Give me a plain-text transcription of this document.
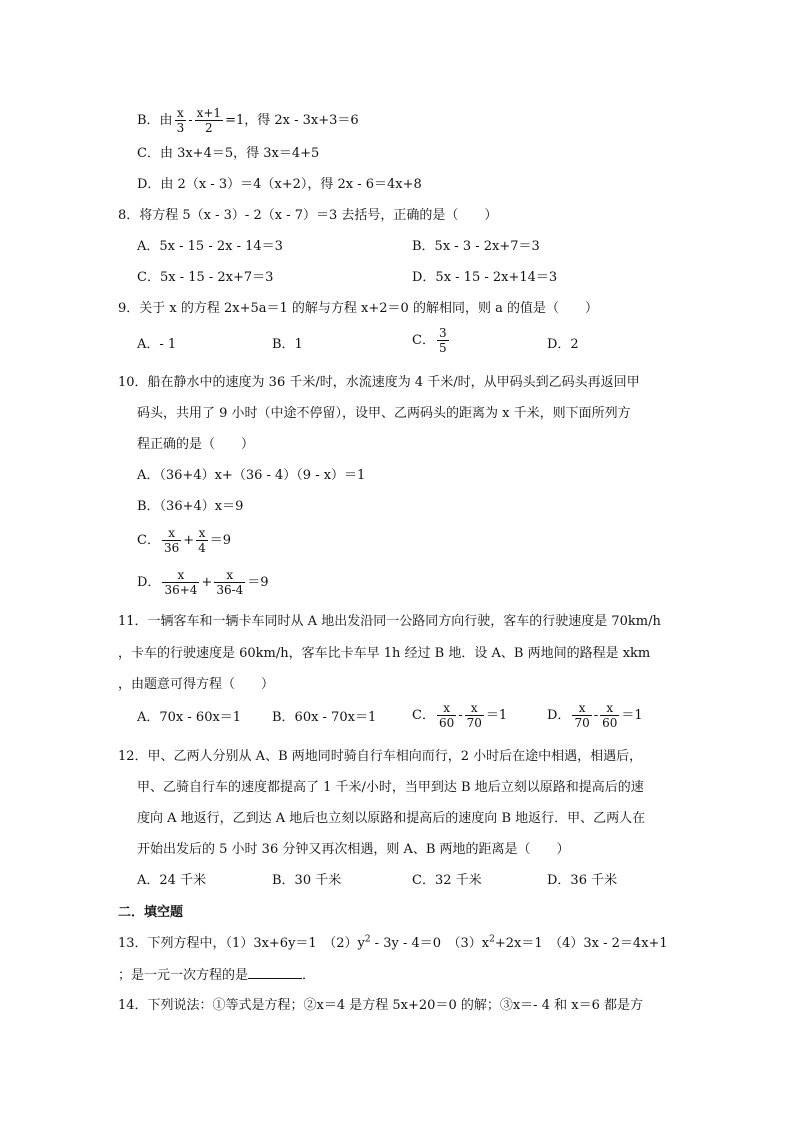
B．由 $\frac{x}{3} - \frac{x+1}{2} =1$，得 2x - 3x+3＝6
C．由 3x+4＝5，得 3x＝4+5
D．由 2（x - 3）＝4（x+2），得 2x - 6＝4x+8
8．将方程 5（x - 3）- 2（x - 7）＝3 去括号，正确的是（　　）
A．5x - 15 - 2x - 14＝3	B．5x - 3 - 2x+7＝3
C．5x - 15 - 2x+7＝3	D．5x - 15 - 2x+14＝3
9．关于 x 的方程 2x+5a＝1 的解与方程 x+2＝0 的解相同，则 a 的值是（　　）
A．- 1	B．1	C． $\frac{3}{5}$	D．2
10．船在静水中的速度为 36 千米/时，水流速度为 4 千米/时，从甲码头到乙码头再返回甲
码头，共用了 9 小时（中途不停留），设甲、乙两码头的距离为 x 千米，则下面所列方
程正确的是（　　）
A．（36+4）x+（36 - 4）（9 - x）＝1
B．（36+4）x＝9
C． $\frac{x}{36} + \frac{x}{4} =9$
D． $\frac{x}{36+4} + \frac{x}{36-4} =9$
11．一辆客车和一辆卡车同时从 A 地出发沿同一公路同方向行驶，客车的行驶速度是 70km/h
，卡车的行驶速度是 60km/h，客车比卡车早 1h 经过 B 地．设 A、B 两地间的路程是 xkm
，由题意可得方程（　　）
A．70x - 60x＝1 B．60x - 70x＝1	C． $\frac{x}{60} - \frac{x}{70} =1$	D． $\frac{x}{70} - \frac{x}{60} =1$
12．甲、乙两人分别从 A、B 两地同时骑自行车相向而行，2 小时后在途中相遇，相遇后，
甲、乙骑自行车的速度都提高了 1 千米/小时，当甲到达 B 地后立刻以原路和提高后的速
度向 A 地返行，乙到达 A 地后也立刻以原路和提高后的速度向 B 地返行．甲、乙两人在
开始出发后的 5 小时 36 分钟又再次相遇，则 A、B 两地的距离是（　　）
A．24 千米	B．30 千米	C．32 千米	D．36 千米
二．填空题
13．下列方程中，（1）3x+6y＝1　$(2)y^2 - 3y - 4=0$　$(3)x^2+2x=1$　（4）3x - 2＝4x+1
；是一元一次方程的是	．
14．下列说法：①等式是方程；②x＝4 是方程 5x+20＝0 的解；③x＝- 4 和 x＝6 都是方
